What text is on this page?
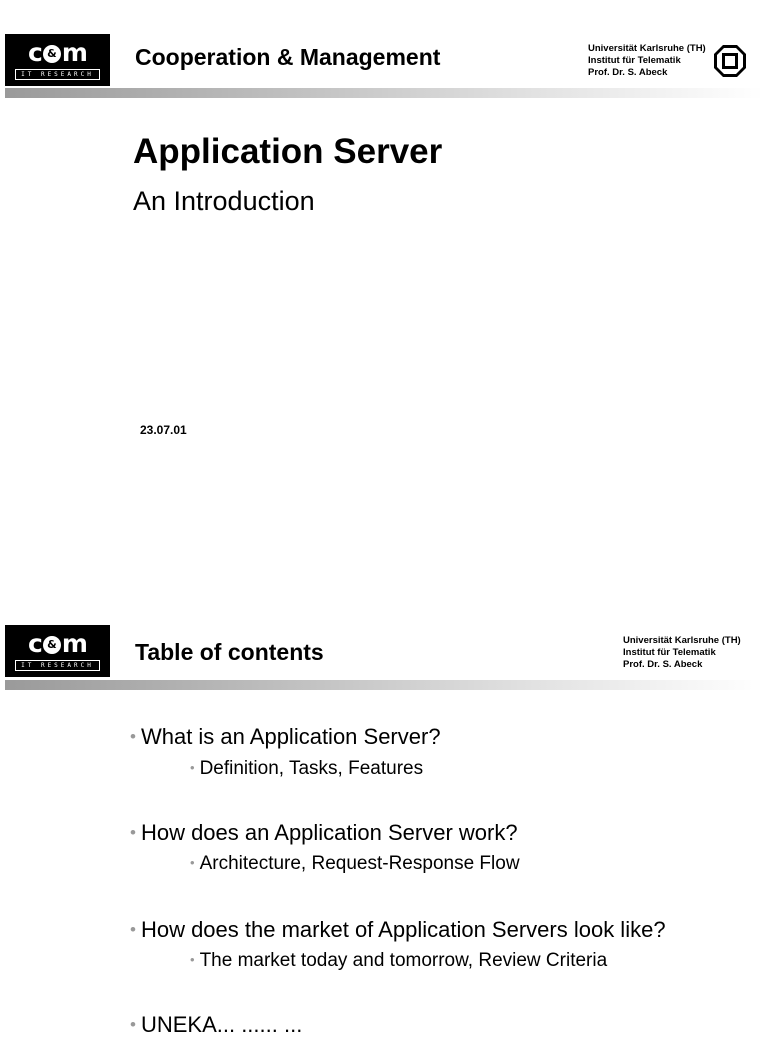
c & m
IT RESEARCH
Cooperation & Management	Universität Karlsruhe (TH)
Institut für Telematik
Prof. Dr. S. Abeck
Application Server
An Introduction
23.07.01
c & m
IT RESEARCH
Table of contents	Universität Karlsruhe (TH)
Institut für Telematik
Prof. Dr. S. Abeck
• What is an Application Server?
• Definition, Tasks, Features
• How does an Application Server work?
• Architecture, Request-Response Flow
• How does the market of Application Servers look like?
• The market today and tomorrow, Review Criteria
• UNEKA... ...... ...
